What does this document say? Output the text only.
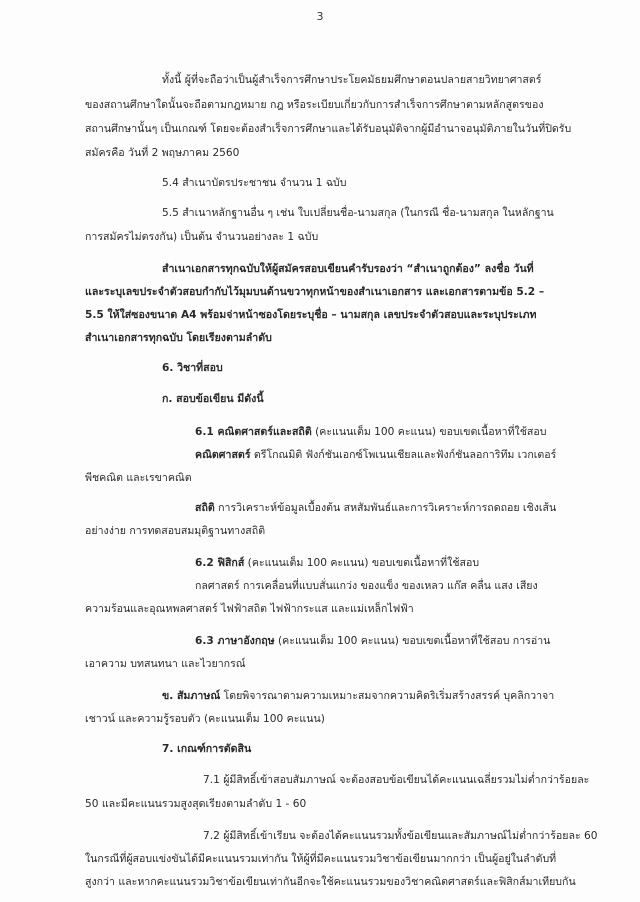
3
ทั้งนี้ ผู้ที่จะถือว่าเป็นผู้สำเร็จการศึกษาประโยคมัธยมศึกษาตอนปลายสายวิทยาศาสตร์
ของสถานศึกษาใดนั้นจะถือตามกฎหมาย กฎ หรือระเบียบเกี่ยวกับการสำเร็จการศึกษาตามหลักสูตรของ
สถานศึกษานั้นๆ เป็นเกณฑ์ โดยจะต้องสำเร็จการศึกษาและได้รับอนุมัติจากผู้มีอำนาจอนุมัติภายในวันที่ปิดรับ
สมัครคือ วันที่ 2 พฤษภาคม 2560
5.4 สำเนาบัตรประชาชน จำนวน 1 ฉบับ
5.5 สำเนาหลักฐานอื่น ๆ เช่น ใบเปลี่ยนชื่อ-นามสกุล (ในกรณี ชื่อ-นามสกุล ในหลักฐาน
การสมัครไม่ตรงกัน) เป็นต้น จำนวนอย่างละ 1 ฉบับ
สำเนาเอกสารทุกฉบับให้ผู้สมัครสอบเขียนคำรับรองว่า “สำเนาถูกต้อง” ลงชื่อ วันที่
และระบุเลขประจำตัวสอบกำกับไว้มุมบนด้านขวาทุกหน้าของสำเนาเอกสาร และเอกสารตามข้อ 5.2 –
5.5 ให้ใส่ซองขนาด A4 พร้อมจ่าหน้าซองโดยระบุชื่อ – นามสกุล เลขประจำตัวสอบและระบุประเภท
สำเนาเอกสารทุกฉบับ โดยเรียงตามลำดับ
6. วิชาที่สอบ
ก. สอบข้อเขียน มีดังนี้
6.1 คณิตศาสตร์และสถิติ (คะแนนเต็ม 100 คะแนน) ขอบเขตเนื้อหาที่ใช้สอบ
คณิตศาสตร์ ตรีโกณมิติ ฟังก์ชันเอกซ์โพเนนเชียลและฟังก์ชันลอการิทึม เวกเตอร์
พีชคณิต และเรขาคณิต
สถิติ การวิเคราะห์ข้อมูลเบื้องต้น สหสัมพันธ์และการวิเคราะห์การถดถอย เชิงเส้น
อย่างง่าย การทดสอบสมมุติฐานทางสถิติ
6.2 ฟิสิกส์ (คะแนนเต็ม 100 คะแนน) ขอบเขตเนื้อหาที่ใช้สอบ
กลศาสตร์ การเคลื่อนที่แบบสั่นแกว่ง ของแข็ง ของเหลว แก๊ส คลื่น แสง เสียง
ความร้อนและอุณหพลศาสตร์ ไฟฟ้าสถิต ไฟฟ้ากระแส และแม่เหล็กไฟฟ้า
6.3 ภาษาอังกฤษ (คะแนนเต็ม 100 คะแนน) ขอบเขตเนื้อหาที่ใช้สอบ การอ่าน
เอาความ บทสนทนา และไวยากรณ์
ข. สัมภาษณ์ โดยพิจารณาตามความเหมาะสมจากความคิดริเริ่มสร้างสรรค์ บุคลิกวาจา
เชาวน์ และความรู้รอบตัว (คะแนนเต็ม 100 คะแนน)
7. เกณฑ์การตัดสิน
7.1 ผู้มีสิทธิ์เข้าสอบสัมภาษณ์ จะต้องสอบข้อเขียนได้คะแนนเฉลี่ยรวมไม่ต่ำกว่าร้อยละ
50 และมีคะแนนรวมสูงสุดเรียงตามลำดับ 1 - 60
7.2 ผู้มีสิทธิ์เข้าเรียน จะต้องได้คะแนนรวมทั้งข้อเขียนและสัมภาษณ์ไม่ต่ำกว่าร้อยละ 60
ในกรณีที่ผู้สอบแข่งขันได้มีคะแนนรวมเท่ากัน ให้ผู้ที่มีคะแนนรวมวิชาข้อเขียนมากกว่า เป็นผู้อยู่ในลำดับที่
สูงกว่า และหากคะแนนรวมวิชาข้อเขียนเท่ากันอีกจะใช้คะแนนรวมของวิชาคณิตศาสตร์และฟิสิกส์มาเทียบกัน
